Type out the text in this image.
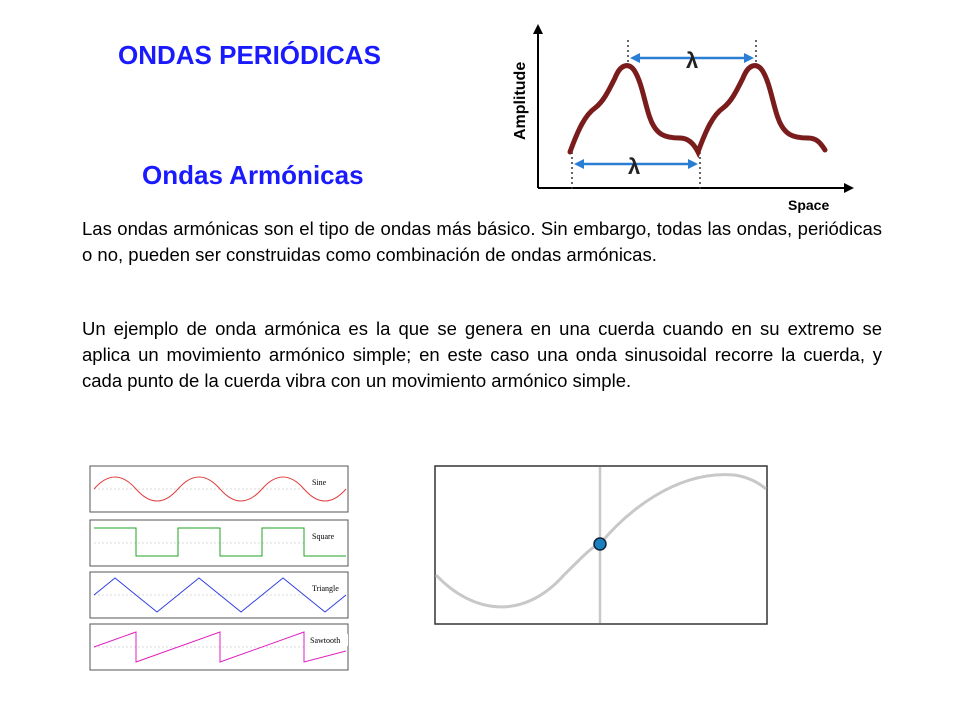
ONDAS PERIÓDICAS
Amplitude
Space
λ
λ
Ondas Armónicas

Las ondas armónicas son el tipo de ondas más básico. Sin embargo, todas las ondas, periódicas o no, pueden ser construidas como combinación de ondas armónicas.

Un ejemplo de onda armónica es la que se genera en una cuerda cuando en su extremo se aplica un movimiento armónico simple; en este caso una onda sinusoidal recorre la cuerda, y cada punto de la cuerda vibra con un movimiento armónico simple.

Sine
Square
Triangle
Sawtooth
